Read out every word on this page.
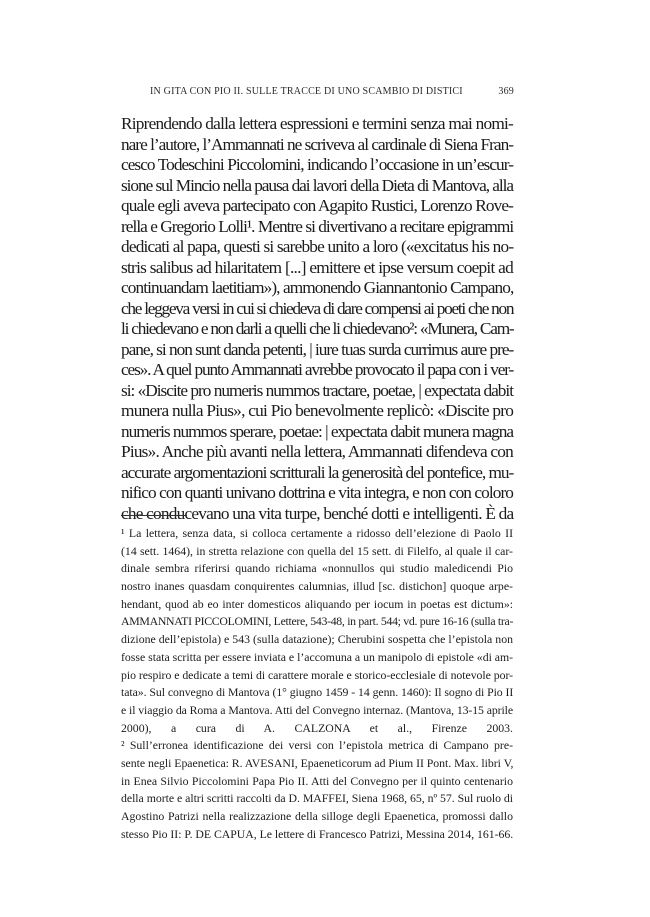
IN GITA CON PIO II. SULLE TRACCE DI UNO SCAMBIO DI DISTICI	369
Riprendendo dalla lettera espressioni e termini senza mai nomi-
nare l’autore, l’Ammannati ne scriveva al cardinale di Siena Fran-
cesco Todeschini Piccolomini, indicando l’occasione in un’escur-
sione sul Mincio nella pausa dai lavori della Dieta di Mantova, alla
quale egli aveva partecipato con Agapito Rustici, Lorenzo Rove-
rella e Gregorio Lolli¹. Mentre si divertivano a recitare epigrammi
dedicati al papa, questi si sarebbe unito a loro («excitatus his no-
stris salibus ad hilaritatem [...] emittere et ipse versum coepit ad
continuandam laetitiam»), ammonendo Giannantonio Campano,
che leggeva versi in cui si chiedeva di dare compensi ai poeti che non
li chiedevano e non darli a quelli che li chiedevano²: «Munera, Cam-
pane, si non sunt danda petenti, | iure tuas surda currimus aure pre-
ces». A quel punto Ammannati avrebbe provocato il papa con i ver-
si: «Discite pro numeris nummos tractare, poetae, | expectata dabit
munera nulla Pius», cui Pio benevolmente replicò: «Discite pro
numeris nummos sperare, poetae: | expectata dabit munera magna
Pius». Anche più avanti nella lettera, Ammannati difendeva con
accurate argomentazioni scritturali la generosità del pontefice, mu-
nifico con quanti univano dottrina e vita integra, e non con coloro
che conducevano una vita turpe, benché dotti e intelligenti. È da
¹ La lettera, senza data, si colloca certamente a ridosso dell’elezione di Paolo II
(14 sett. 1464), in stretta relazione con quella del 15 sett. di Filelfo, al quale il car-
dinale sembra riferirsi quando richiama «nonnullos qui studio maledicendi Pio
nostro inanes quasdam conquirentes calumnias, illud [sc. distichon] quoque arpe-
hendant, quod ab eo inter domesticos aliquando per iocum in poetas est dictum»:
AMMANNATI PICCOLOMINI, Lettere, 543-48, in part. 544; vd. pure 16-16 (sulla tra-
dizione dell’epistola) e 543 (sulla datazione); Cherubini sospetta che l’epistola non
fosse stata scritta per essere inviata e l’accomuna a un manipolo di epistole «di am-
pio respiro e dedicate a temi di carattere morale e storico-ecclesiale di notevole por-
tata». Sul convegno di Mantova (1° giugno 1459 - 14 genn. 1460): Il sogno di Pio II
e il viaggio da Roma a Mantova. Atti del Convegno internaz. (Mantova, 13-15 aprile
2000), a cura di A. CALZONA et al., Firenze 2003.
² Sull’erronea identificazione dei versi con l’epistola metrica di Campano pre-
sente negli Epaenetica: R. AVESANI, Epaeneticorum ad Pium II Pont. Max. libri V,
in Enea Silvio Piccolomini Papa Pio II. Atti del Convegno per il quinto centenario
della morte e altri scritti raccolti da D. MAFFEI, Siena 1968, 65, nº 57. Sul ruolo di
Agostino Patrizi nella realizzazione della silloge degli Epaenetica, promossi dallo
stesso Pio II: P. DE CAPUA, Le lettere di Francesco Patrizi, Messina 2014, 161-66.
